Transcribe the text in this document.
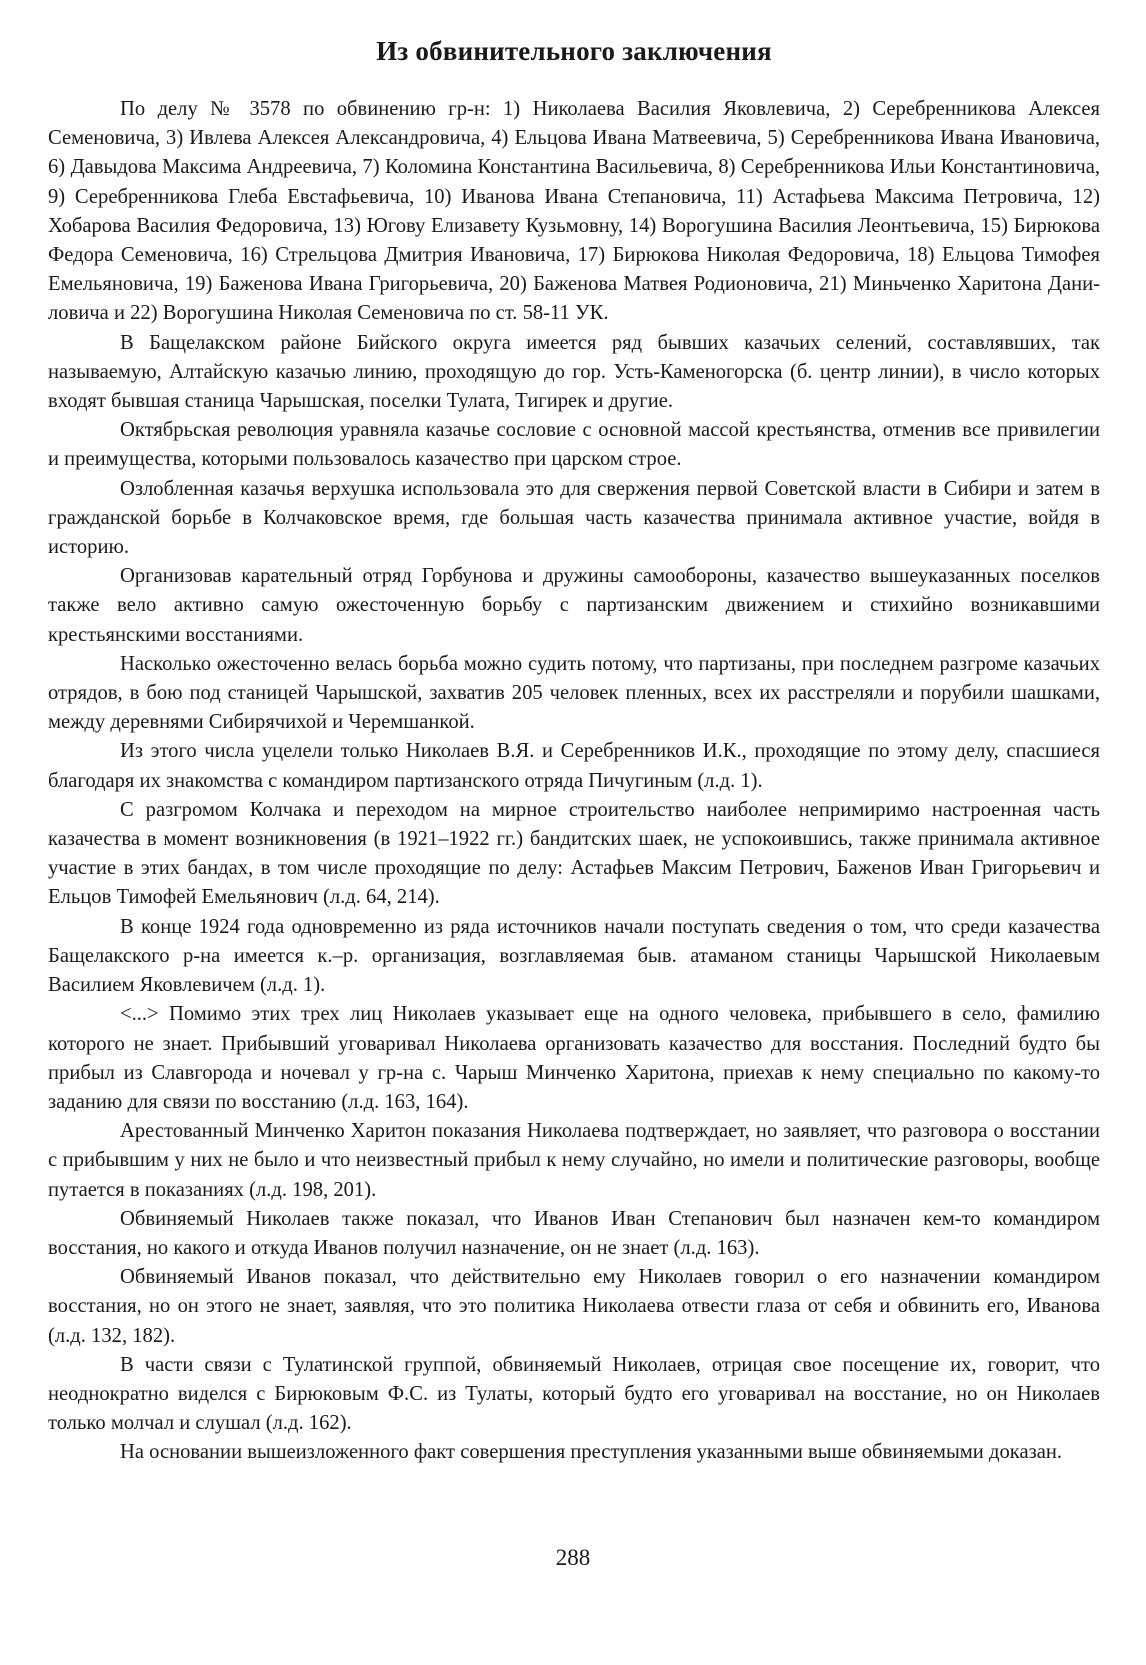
Из обвинительного заключения

По делу № 3578 по обвинению гр-н: 1) Николаева Василия Яковлевича, 2) Серебренникова Алексея Семеновича, 3) Ивлева Алексея Александровича, 4) Ельцова Ивана Матвеевича, 5) Серебренникова Ивана Ивановича, 6) Давыдова Максима Андреевича, 7) Коломина Константина Васильевича, 8) Серебренникова Ильи Константиновича, 9) Серебренникова Глеба Евстафьевича, 10) Иванова Ивана Степановича, 11) Астафьева Максима Петровича, 12) Хобарова Василия Федоровича, 13) Югову Елизавету Кузьмовну, 14) Ворогушина Василия Леонтьевича, 15) Бирюкова Федора Семеновича, 16) Стрельцова Дмитрия Ивановича, 17) Бирюкова Николая Федоровича, 18) Ельцова Тимофея Емельяновича, 19) Баженова Ивана Григорьевича, 20) Баженова Матвея Родионовича, 21) Миньченко Харитона Даниловича и 22) Ворогушина Николая Семеновича по ст. 58-11 УК.

В Бащелакском районе Бийского округа имеется ряд бывших казачьих селений, составлявших, так называемую, Алтайскую казачью линию, проходящую до гор. Усть-Каменогорска (б. центр линии), в число которых входят бывшая станица Чарышская, поселки Тулата, Тигирек и другие.

Октябрьская революция уравняла казачье сословие с основной массой крестьянства, отменив все привилегии и преимущества, которыми пользовалось казачество при царском строе.

Озлобленная казачья верхушка использовала это для свержения первой Советской власти в Сибири и затем в гражданской борьбе в Колчаковское время, где большая часть казачества принимала активное участие, войдя в историю.

Организовав карательный отряд Горбунова и дружины самообороны, казачество вышеуказанных поселков также вело активно самую ожесточенную борьбу с партизанским движением и стихийно возникавшими крестьянскими восстаниями.

Насколько ожесточенно велась борьба можно судить потому, что партизаны, при последнем разгроме казачьих отрядов, в бою под станицей Чарышской, захватив 205 человек пленных, всех их расстреляли и порубили шашками, между деревнями Сибирячихой и Черемшанкой.

Из этого числа уцелели только Николаев В.Я. и Серебренников И.К., проходящие по этому делу, спасшиеся благодаря их знакомства с командиром партизанского отряда Пичугиным (л.д. 1).

С разгромом Колчака и переходом на мирное строительство наиболее непримиримо настроенная часть казачества в момент возникновения (в 1921–1922 гг.) бандитских шаек, не успокоившись, также принимала активное участие в этих бандах, в том числе проходящие по делу: Астафьев Максим Петрович, Баженов Иван Григорьевич и Ельцов Тимофей Емельянович (л.д. 64, 214).

В конце 1924 года одновременно из ряда источников начали поступать сведения о том, что среди казачества Бащелакского р-на имеется к.–р. организация, возглавляемая быв. атаманом станицы Чарышской Николаевым Василием Яковлевичем (л.д. 1).

<...> Помимо этих трех лиц Николаев указывает еще на одного человека, прибывшего в село, фамилию которого не знает. Прибывший уговаривал Николаева организовать казачество для восстания. Последний будто бы прибыл из Славгорода и ночевал у гр-на с. Чарыш Минченко Харитона, приехав к нему специально по какому-то заданию для связи по восстанию (л.д. 163, 164).

Арестованный Минченко Харитон показания Николаева подтверждает, но заявляет, что разговора о восстании с прибывшим у них не было и что неизвестный прибыл к нему случайно, но имели и политические разговоры, вообще путается в показаниях (л.д. 198, 201).

Обвиняемый Николаев также показал, что Иванов Иван Степанович был назначен кем-то командиром восстания, но какого и откуда Иванов получил назначение, он не знает (л.д. 163).

Обвиняемый Иванов показал, что действительно ему Николаев говорил о его назначении командиром восстания, но он этого не знает, заявляя, что это политика Николаева отвести глаза от себя и обвинить его, Иванова (л.д. 132, 182).

В части связи с Тулатинской группой, обвиняемый Николаев, отрицая свое посещение их, говорит, что неоднократно виделся с Бирюковым Ф.С. из Тулаты, который будто его уговаривал на восстание, но он Николаев только молчал и слушал (л.д. 162).

На основании вышеизложенного факт совершения преступления указанными выше обвиняемыми доказан.

288
